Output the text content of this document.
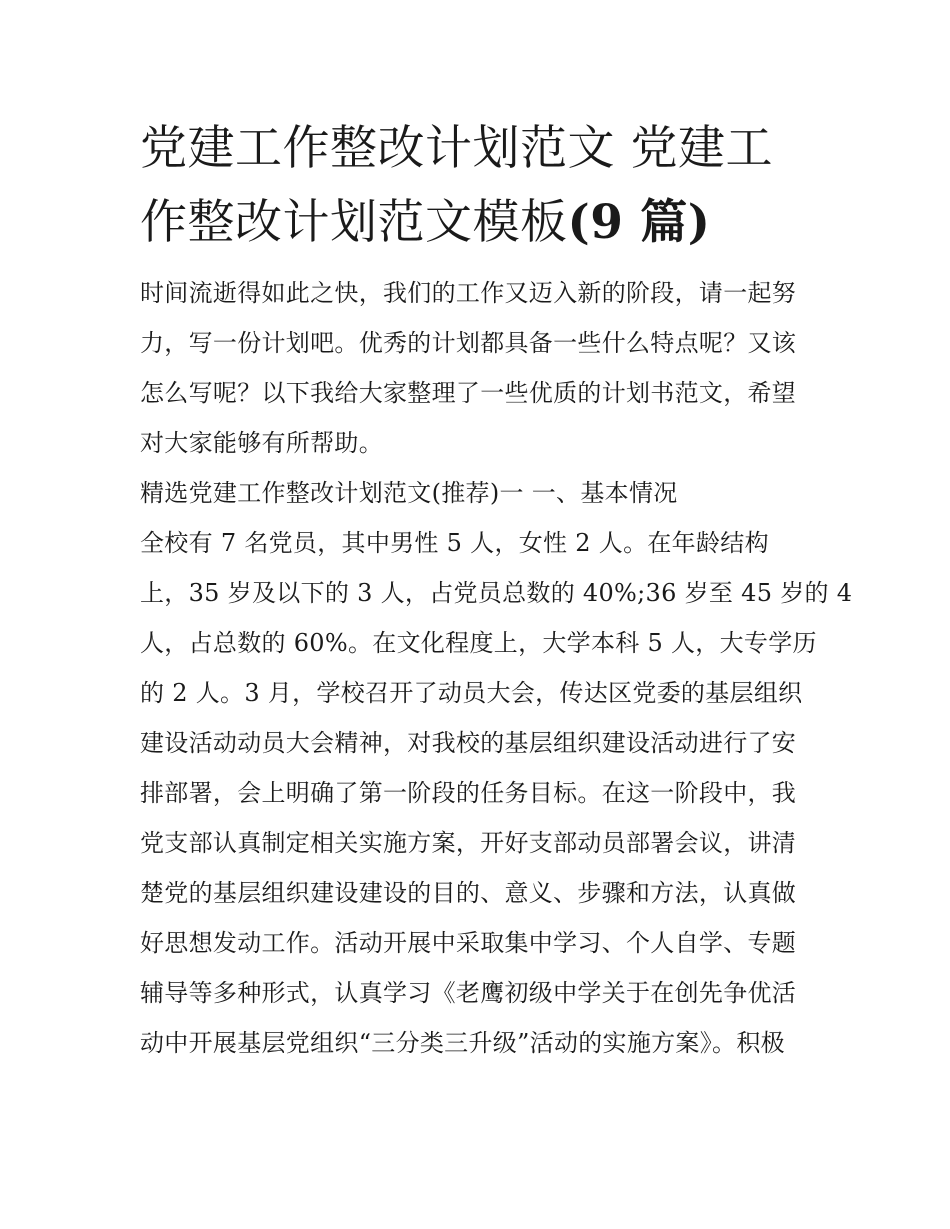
党建工作整改计划范文 党建工
作整改计划范文模板(9 篇)
时间流逝得如此之快，我们的工作又迈入新的阶段，请一起努
力，写一份计划吧。优秀的计划都具备一些什么特点呢？又该
怎么写呢？以下我给大家整理了一些优质的计划书范文，希望
对大家能够有所帮助。
精选党建工作整改计划范文(推荐)一 一、基本情况
全校有 7 名党员，其中男性 5 人，女性 2 人。在年龄结构
上，35 岁及以下的 3 人，占党员总数的 40%;36 岁至 45 岁的 4
人，占总数的 60%。在文化程度上，大学本科 5 人，大专学历
的 2 人。3 月，学校召开了动员大会，传达区党委的基层组织
建设活动动员大会精神，对我校的基层组织建设活动进行了安
排部署，会上明确了第一阶段的任务目标。在这一阶段中，我
党支部认真制定相关实施方案，开好支部动员部署会议，讲清
楚党的基层组织建设建设的目的、意义、步骤和方法，认真做
好思想发动工作。活动开展中采取集中学习、个人自学、专题
辅导等多种形式，认真学习《老鹰初级中学关于在创先争优活
动中开展基层党组织“三分类三升级”活动的实施方案》。积极
